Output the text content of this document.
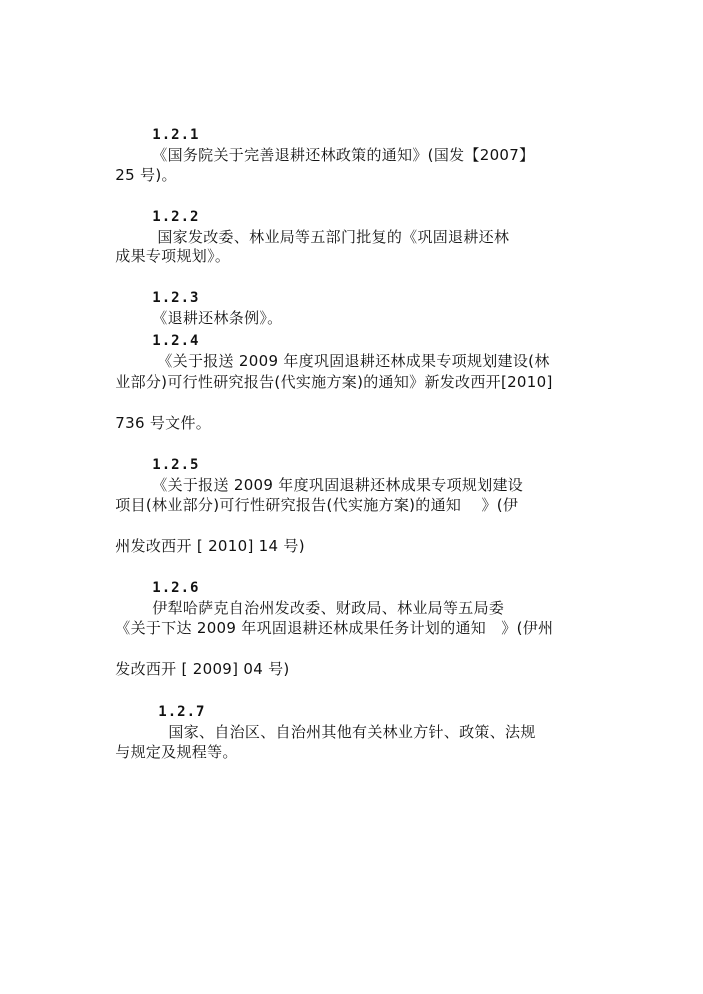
1.2.1
《国务院关于完善退耕还林政策的通知》(国发【2007】

25 号)。

1.2.2
国家发改委、林业局等五部门批复的《巩固退耕还林

成果专项规划》。

1.2.3
《退耕还林条例》。

1.2.4
《关于报送 2009 年度巩固退耕还林成果专项规划建设(林

业部分)可行性研究报告(代实施方案)的通知》新发改西开[2010]

736 号文件。

1.2.5
《关于报送 2009 年度巩固退耕还林成果专项规划建设

项目(林业部分)可行性研究报告(代实施方案)的通知    》(伊

州发改西开 [ 2010] 14 号)

1.2.6
伊犁哈萨克自治州发改委、财政局、林业局等五局委

《关于下达 2009 年巩固退耕还林成果任务计划的通知   》(伊州

发改西开 [ 2009] 04 号)

1.2.7
国家、自治区、自治州其他有关林业方针、政策、法规

与规定及规程等。
